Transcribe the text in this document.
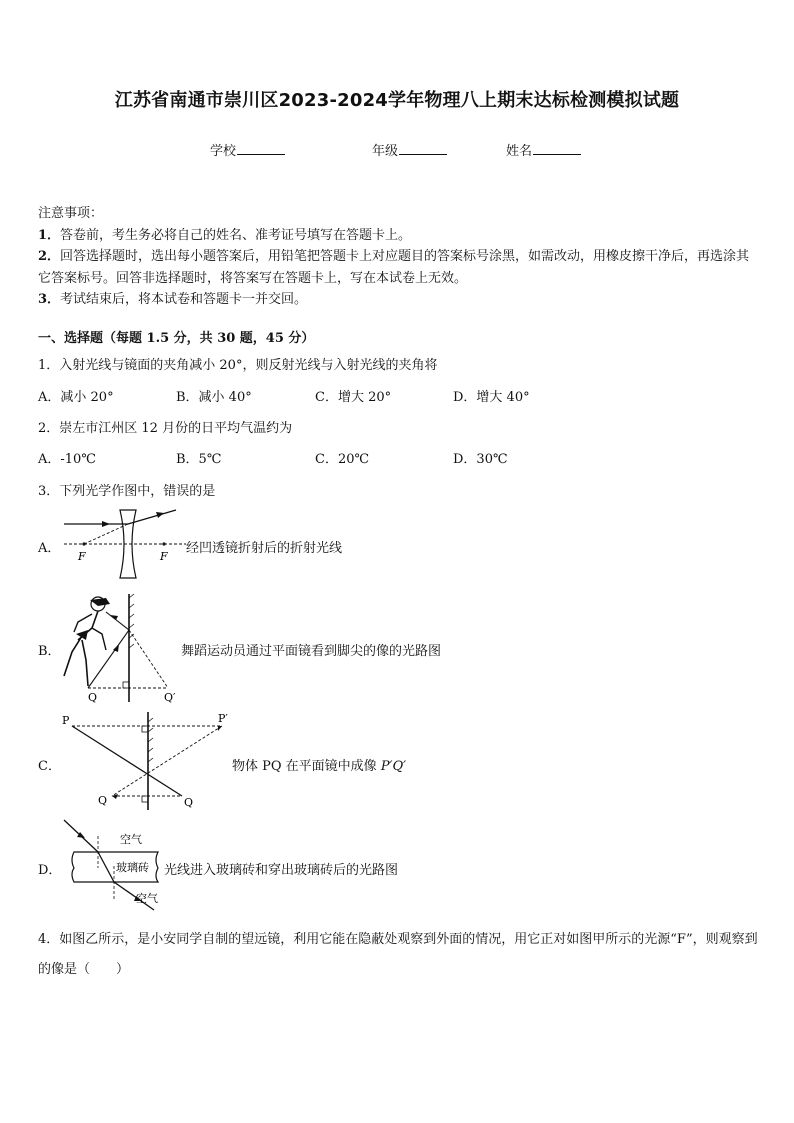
江苏省南通市崇川区2023-2024学年物理八上期末达标检测模拟试题
学校	年级	姓名
注意事项：
1．答卷前，考生务必将自己的姓名、准考证号填写在答题卡上。
2．回答选择题时，选出每小题答案后，用铅笔把答题卡上对应题目的答案标号涂黑，如需改动，用橡皮擦干净后，再选涂其它答案标号。回答非选择题时，将答案写在答题卡上，写在本试卷上无效。
3．考试结束后，将本试卷和答题卡一并交回。
一、选择题（每题 1.5 分，共 30 题，45 分）
1．入射光线与镜面的夹角减小 20°，则反射光线与入射光线的夹角将
A．减小 20°	B．减小 40°	C．增大 20°	D．增大 40°
2．崇左市江州区 12 月份的日平均气温约为
A．-10℃	B．5℃	C．20℃	D．30℃
3．下列光学作图中，错误的是
A．
F	F
经凹透镜折射后的折射光线
B．
Q	Q′
舞蹈运动员通过平面镜看到脚尖的像的光路图
C．
P	P′
Q	Q
物体 PQ 在平面镜中成像 P′Q′
D．
空气
玻璃砖
空气
光线进入玻璃砖和穿出玻璃砖后的光路图
4．如图乙所示，是小安同学自制的望远镜，利用它能在隐蔽处观察到外面的情况，用它正对如图甲所示的光源“F”，则观察到的像是（　　）
